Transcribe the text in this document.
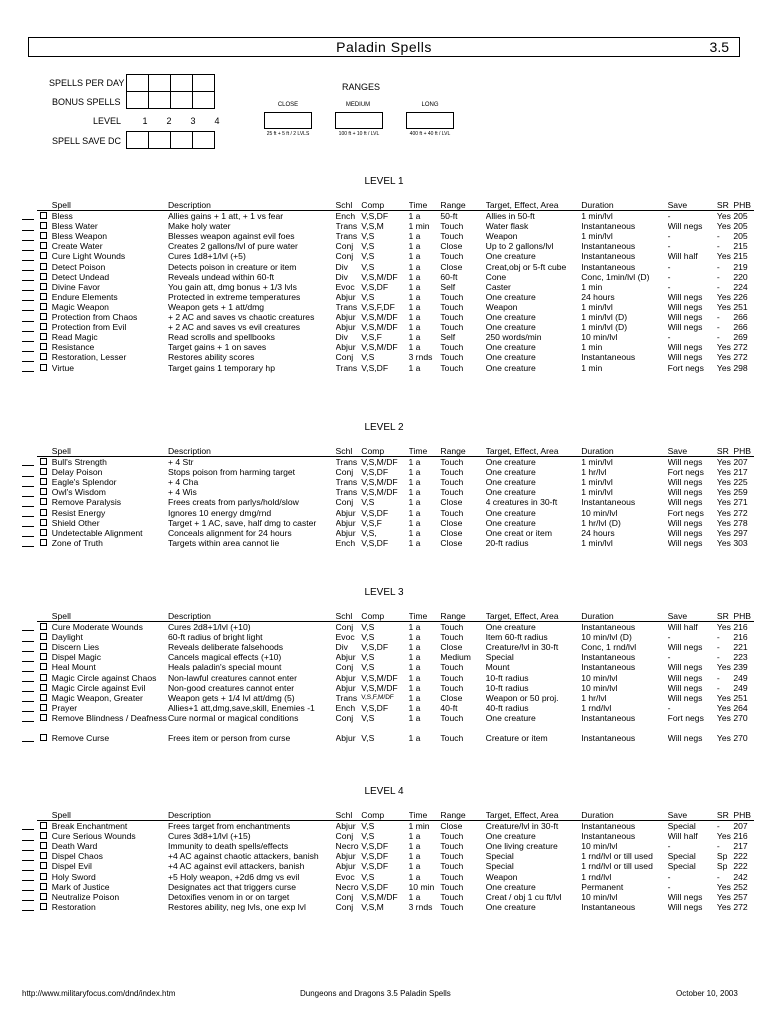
Paladin Spells	3.5
SPELLS PER DAY
BONUS SPELLS
LEVEL
SPELL SAVE DC

1 2 3 4

RANGES
CLOSE	MEDIUM	LONG
25 ft + 5 ft / 2 LVLS	100 ft + 10 ft / LVL	400 ft + 40 ft / LVL
LEVEL 1
		Spell	Description	Schl	Comp	Time	Range	Target, Effect, Area	Duration	Save	SR	PHB

		Bless	Allies gains + 1 att, + 1 vs fear	Ench	V,S,DF	1 a	50-ft	Allies in 50-ft	1 min/lvl	-	Yes	205

		Bless Water	Make holy water	Trans	V,S,M	1 min	Touch	Water flask	Instantaneous	Will negs	Yes	205

		Bless Weapon	Blesses weapon against evil foes	Trans	V,S	1 a	Touch	Weapon	1 min/lvl	-	-	205

		Create Water	Creates 2 gallons/lvl of pure water	Conj	V,S	1 a	Close	Up to 2 gallons/lvl	Instantaneous	-	-	215

		Cure Light Wounds	Cures 1d8+1/lvl (+5)	Conj	V,S	1 a	Touch	One creature	Instantaneous	Will half	Yes	215

		Detect Poison	Detects poison in creature or item	Div	V,S	1 a	Close	Creat,obj or 5-ft cube	Instantaneous	-	-	219

		Detect Undead	Reveals undead within 60-ft	Div	V,S,M/DF	1 a	60-ft	Cone	Conc, 1min/lvl (D)	-	-	220

		Divine Favor	You gain att, dmg bonus + 1/3 lvls	Evoc	V,S,DF	1 a	Self	Caster	1 min	-	-	224

		Endure Elements	Protected in extreme temperatures	Abjur	V,S	1 a	Touch	One creature	24 hours	Will negs	Yes	226

		Magic Weapon	Weapon gets + 1 att/dmg	Trans	V,S,F,DF	1 a	Touch	Weapon	1 min/lvl	Will negs	Yes	251

		Protection from Chaos	+ 2 AC and saves vs chaotic creatures	Abjur	V,S,M/DF	1 a	Touch	One creature	1 min/lvl (D)	Will negs	-	266

		Protection from Evil	+ 2 AC and saves vs evil creatures	Abjur	V,S,M/DF	1 a	Touch	One creature	1 min/lvl (D)	Will negs	-	266

		Read Magic	Read scrolls and spellbooks	Div	V,S,F	1 a	Self	250 words/min	10 min/lvl	-	-	269

		Resistance	Target gains + 1 on saves	Abjur	V,S,M/DF	1 a	Touch	One creature	1 min	Will negs	Yes	272

		Restoration, Lesser	Restores ability scores	Conj	V,S	3 rnds	Touch	One creature	Instantaneous	Will negs	Yes	272

		Virtue	Target gains 1 temporary hp	Trans	V,S,DF	1 a	Touch	One creature	1 min	Fort negs	Yes	298
LEVEL 2
		Spell	Description	Schl	Comp	Time	Range	Target, Effect, Area	Duration	Save	SR	PHB

		Bull's Strength	+ 4 Str	Trans	V,S,M/DF	1 a	Touch	One creature	1 min/lvl	Will negs	Yes	207

		Delay Poison	Stops poison from harming target	Conj	V,S,DF	1 a	Touch	One creature	1 hr/lvl	Fort negs	Yes	217

		Eagle's Splendor	+ 4 Cha	Trans	V,S,M/DF	1 a	Touch	One creature	1 min/lvl	Will negs	Yes	225

		Owl's Wisdom	+ 4 Wis	Trans	V,S,M/DF	1 a	Touch	One creature	1 min/lvl	Will negs	Yes	259

		Remove Paralysis	Frees creats from parlys/hold/slow	Conj	V,S	1 a	Close	4 creatures in 30-ft	Instantaneous	Will negs	Yes	271

		Resist Energy	Ignores 10 energy dmg/rnd	Abjur	V,S,DF	1 a	Touch	One creature	10 min/lvl	Fort negs	Yes	272

		Shield Other	Target + 1 AC, save, half dmg to caster	Abjur	V,S,F	1 a	Close	One creature	1 hr/lvl (D)	Will negs	Yes	278

		Undetectable Alignment	Conceals alignment for 24 hours	Abjur	V,S,	1 a	Close	One creat or item	24 hours	Will negs	Yes	297

		Zone of Truth	Targets within area cannot lie	Ench	V,S,DF	1 a	Close	20-ft radius	1 min/lvl	Will negs	Yes	303
LEVEL 3
		Spell	Description	Schl	Comp	Time	Range	Target, Effect, Area	Duration	Save	SR	PHB

		Cure Moderate Wounds	Cures 2d8+1/lvl (+10)	Conj	V,S	1 a	Touch	One creature	Instantaneous	Will half	Yes	216

		Daylight	60-ft radius of bright light	Evoc	V,S	1 a	Touch	Item 60-ft radius	10 min/lvl (D)	-	-	216

		Discern Lies	Reveals deliberate falsehoods	Div	V,S,DF	1 a	Close	Creature/lvl in 30-ft	Conc, 1 rnd/lvl	Will negs	-	221

		Dispel Magic	Cancels magical effects (+10)	Abjur	V,S	1 a	Medium	Special	Instantaneous	-	-	223

		Heal Mount	Heals paladin's special mount	Conj	V,S	1 a	Touch	Mount	Instantaneous	Will negs	Yes	239

		Magic Circle against Chaos	Non-lawful creatures cannot enter	Abjur	V,S,M/DF	1 a	Touch	10-ft radius	10 min/lvl	Will negs	-	249

		Magic Circle against Evil	Non-good creatures cannot enter	Abjur	V,S,M/DF	1 a	Touch	10-ft radius	10 min/lvl	Will negs	-	249

		Magic Weapon, Greater	Weapon gets + 1/4 lvl att/dmg (5)	Trans	V,S,F,M/DF	1 a	Close	Weapon or 50 proj.	1 hr/lvl	Will negs	Yes	251

		Prayer	Allies+1 att,dmg,save,skill, Enemies -1	Ench	V,S,DF	1 a	40-ft	40-ft radius	1 rnd/lvl	-	Yes	264

		Remove Blindness / Deafness	Cure normal or magical conditions	Conj	V,S	1 a	Touch	One creature	Instantaneous	Fort negs	Yes	270

		Remove Curse	Frees item or person from curse	Abjur	V,S	1 a	Touch	Creature or item	Instantaneous	Will negs	Yes	270
LEVEL 4
		Spell	Description	Schl	Comp	Time	Range	Target, Effect, Area	Duration	Save	SR	PHB

		Break Enchantment	Frees target from enchantments	Abjur	V,S	1 min	Close	Creature/lvl in 30-ft	Instantaneous	Special	-	207

		Cure Serious Wounds	Cures 3d8+1/lvl (+15)	Conj	V,S	1 a	Touch	One creature	Instantaneous	Will half	Yes	216

		Death Ward	Immunity to death spells/effects	Necro	V,S,DF	1 a	Touch	One living creature	10 min/lvl	-	-	217

		Dispel Chaos	+4 AC against chaotic attackers, banish	Abjur	V,S,DF	1 a	Touch	Special	1 rnd/lvl or till used	Special	Sp	222

		Dispel Evil	+4 AC against evil attackers, banish	Abjur	V,S,DF	1 a	Touch	Special	1 rnd/lvl or till used	Special	Sp	222

		Holy Sword	+5 Holy weapon, +2d6 dmg vs evil	Evoc	V,S	1 a	Touch	Weapon	1 rnd/lvl	-	-	242

		Mark of Justice	Designates act that triggers curse	Necro	V,S,DF	10 min	Touch	One creature	Permanent	-	Yes	252

		Neutralize Poison	Detoxifies venom in or on target	Conj	V,S,M/DF	1 a	Touch	Creat / obj 1 cu ft/lvl	10 min/lvl	Will negs	Yes	257

		Restoration	Restores ability, neg lvls, one exp lvl	Conj	V,S,M	3 rnds	Touch	One creature	Instantaneous	Will negs	Yes	272
http://www.militaryfocus.com/dnd/index.htm	Dungeons and Dragons 3.5 Paladin Spells	October 10, 2003
